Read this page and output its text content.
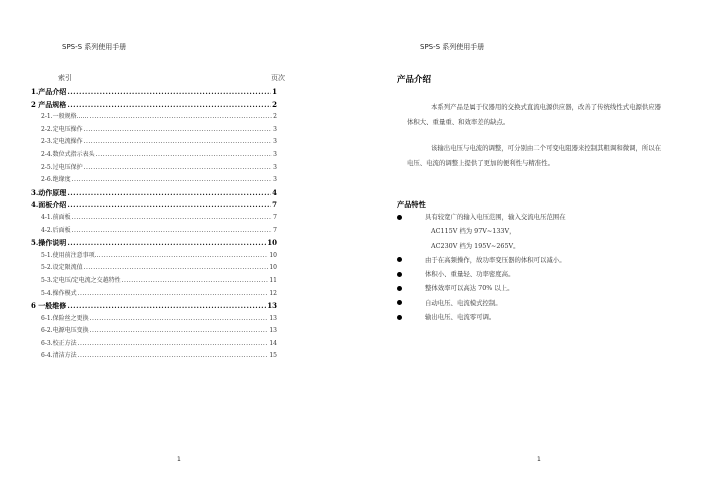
SPS-S 系列使用手册
索引	页次
1.产品介绍 .....	1
2 产品规格 .....	2
2-1.一般规格…… .....	2
2-2.定电压操作 .....	3
2-3.定电流操作 .....	3
2-4.数位式指示表头 .....	3
2-5.过电压保护 .....	3
2-6.绝缘度 .....	3
3.动作原理 .....	4
4.面板介绍 .....	7
4-1.前面板 .....	7
4-2.后面板 .....	7
5.操作说明 .....	10
5-1.使用前注意事项... .....	10
5-2.设定限流值 .....	10
5-3.定电压/定电流之交越特性 .....	11
5-4.操作模式 .....	12
6 一般维修 .....	13
6-1.保险丝之更换 .....	13
6-2.电源电压变换 .....	13
6-3.校正方法 .....	14
6-4.清洁方法 .....	15
1
SPS-S 系列使用手册
产品介绍

本系列产品是属于仪器用的交换式直流电源供应器，改善了传统线性式电源供应器体积大、重量重、和效率差的缺点。

该输出电压与电流的调整，可分别由二个可变电阻器来控制其粗调和微调，所以在电压、电流的调整上提供了更加的便利性与精准性。

产品特性
具有较宽广的输入电压范围，输入交流电压范围在
AC115V 档为 97V~133V，
AC230V 档为 195V~265V。
由于在高频操作，故功率变压器的体积可以减小。
体积小、重量轻、功率密度高。
整体效率可以高达 70% 以上。
自动电压、电流模式控制。
输出电压、电流零可调。
1
